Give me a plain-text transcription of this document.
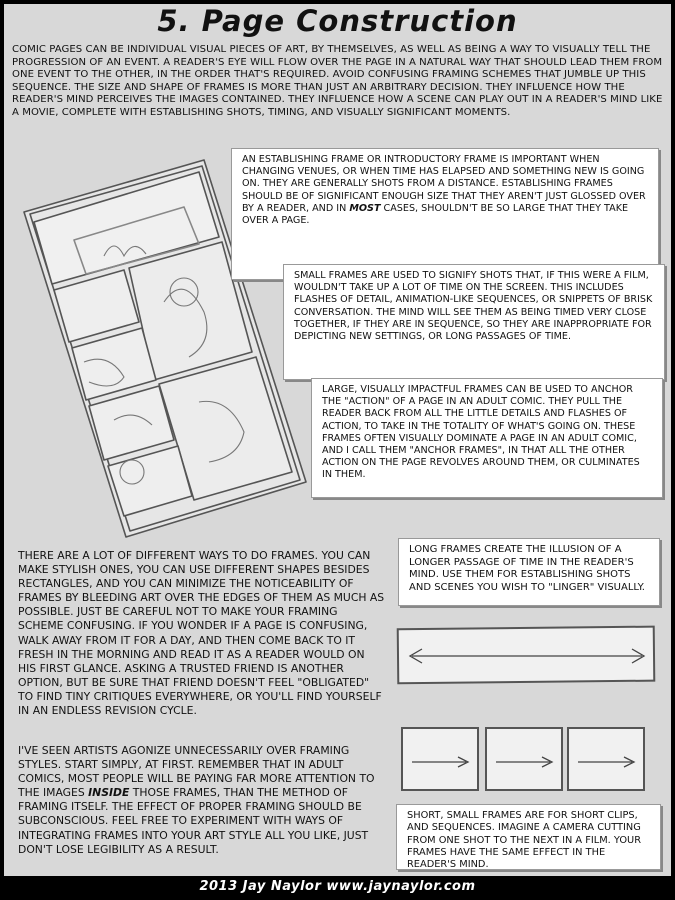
5. Page Construction
COMIC PAGES CAN BE INDIVIDUAL VISUAL PIECES OF ART, BY THEMSELVES, AS WELL AS BEING A WAY TO VISUALLY TELL THE PROGRESSION OF AN EVENT. A READER'S EYE WILL FLOW OVER THE PAGE IN A NATURAL WAY THAT SHOULD LEAD THEM FROM ONE EVENT TO THE OTHER, IN THE ORDER THAT'S REQUIRED. AVOID CONFUSING FRAMING SCHEMES THAT JUMBLE UP THIS SEQUENCE. THE SIZE AND SHAPE OF FRAMES IS MORE THAN JUST AN ARBITRARY DECISION. THEY INFLUENCE HOW THE READER'S MIND PERCEIVES THE IMAGES CONTAINED. THEY INFLUENCE HOW A SCENE CAN PLAY OUT IN A READER'S MIND LIKE A MOVIE, COMPLETE WITH ESTABLISHING SHOTS, TIMING, AND VISUALLY SIGNIFICANT MOMENTS.
AN ESTABLISHING FRAME OR INTRODUCTORY FRAME IS IMPORTANT WHEN CHANGING VENUES, OR WHEN TIME HAS ELAPSED AND SOMETHING NEW IS GOING ON. THEY ARE GENERALLY SHOTS FROM A DISTANCE. ESTABLISHING FRAMES SHOULD BE OF SIGNIFICANT ENOUGH SIZE THAT THEY AREN'T JUST GLOSSED OVER BY A READER, AND IN MOST CASES, SHOULDN'T BE SO LARGE THAT THEY TAKE OVER A PAGE.
SMALL FRAMES ARE USED TO SIGNIFY SHOTS THAT, IF THIS WERE A FILM, WOULDN'T TAKE UP A LOT OF TIME ON THE SCREEN. THIS INCLUDES FLASHES OF DETAIL, ANIMATION-LIKE SEQUENCES, OR SNIPPETS OF BRISK CONVERSATION. THE MIND WILL SEE THEM AS BEING TIMED VERY CLOSE TOGETHER, IF THEY ARE IN SEQUENCE, SO THEY ARE INAPPROPRIATE FOR DEPICTING NEW SETTINGS, OR LONG PASSAGES OF TIME.
LARGE, VISUALLY IMPACTFUL FRAMES CAN BE USED TO ANCHOR THE "ACTION" OF A PAGE IN AN ADULT COMIC. THEY PULL THE READER BACK FROM ALL THE LITTLE DETAILS AND FLASHES OF ACTION, TO TAKE IN THE TOTALITY OF WHAT'S GOING ON. THESE FRAMES OFTEN VISUALLY DOMINATE A PAGE IN AN ADULT COMIC, AND I CALL THEM "ANCHOR FRAMES", IN THAT ALL THE OTHER ACTION ON THE PAGE REVOLVES AROUND THEM, OR CULMINATES IN THEM.
THERE ARE A LOT OF DIFFERENT WAYS TO DO FRAMES. YOU CAN MAKE STYLISH ONES, YOU CAN USE DIFFERENT SHAPES BESIDES RECTANGLES, AND YOU CAN MINIMIZE THE NOTICEABILITY OF FRAMES BY BLEEDING ART OVER THE EDGES OF THEM AS MUCH AS POSSIBLE. JUST BE CAREFUL NOT TO MAKE YOUR FRAMING SCHEME CONFUSING. IF YOU WONDER IF A PAGE IS CONFUSING, WALK AWAY FROM IT FOR A DAY, AND THEN COME BACK TO IT FRESH IN THE MORNING AND READ IT AS A READER WOULD ON HIS FIRST GLANCE. ASKING A TRUSTED FRIEND IS ANOTHER OPTION, BUT BE SURE THAT FRIEND DOESN'T FEEL "OBLIGATED" TO FIND TINY CRITIQUES EVERYWHERE, OR YOU'LL FIND YOURSELF IN AN ENDLESS REVISION CYCLE.
I'VE SEEN ARTISTS AGONIZE UNNECESSARILY OVER FRAMING STYLES. START SIMPLY, AT FIRST. REMEMBER THAT IN ADULT COMICS, MOST PEOPLE WILL BE PAYING FAR MORE ATTENTION TO THE IMAGES INSIDE THOSE FRAMES, THAN THE METHOD OF FRAMING ITSELF. THE EFFECT OF PROPER FRAMING SHOULD BE SUBCONSCIOUS. FEEL FREE TO EXPERIMENT WITH WAYS OF INTEGRATING FRAMES INTO YOUR ART STYLE ALL YOU LIKE, JUST DON'T LOSE LEGIBILITY AS A RESULT.
LONG FRAMES CREATE THE ILLUSION OF A LONGER PASSAGE OF TIME IN THE READER'S MIND. USE THEM FOR ESTABLISHING SHOTS AND SCENES YOU WISH TO "LINGER" VISUALLY.
SHORT, SMALL FRAMES ARE FOR SHORT CLIPS, AND SEQUENCES. IMAGINE A CAMERA CUTTING FROM ONE SHOT TO THE NEXT IN A FILM. YOUR FRAMES HAVE THE SAME EFFECT IN THE READER'S MIND.
2013 Jay Naylor www.jaynaylor.com
